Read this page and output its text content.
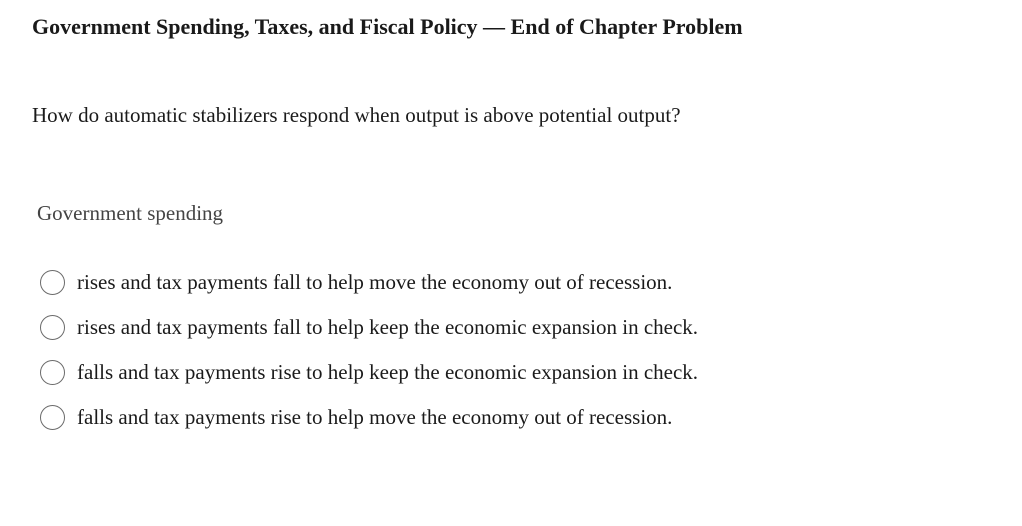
Government Spending, Taxes, and Fiscal Policy — End of Chapter Problem
How do automatic stabilizers respond when output is above potential output?
Government spending
rises and tax payments fall to help move the economy out of recession.
rises and tax payments fall to help keep the economic expansion in check.
falls and tax payments rise to help keep the economic expansion in check.
falls and tax payments rise to help move the economy out of recession.
